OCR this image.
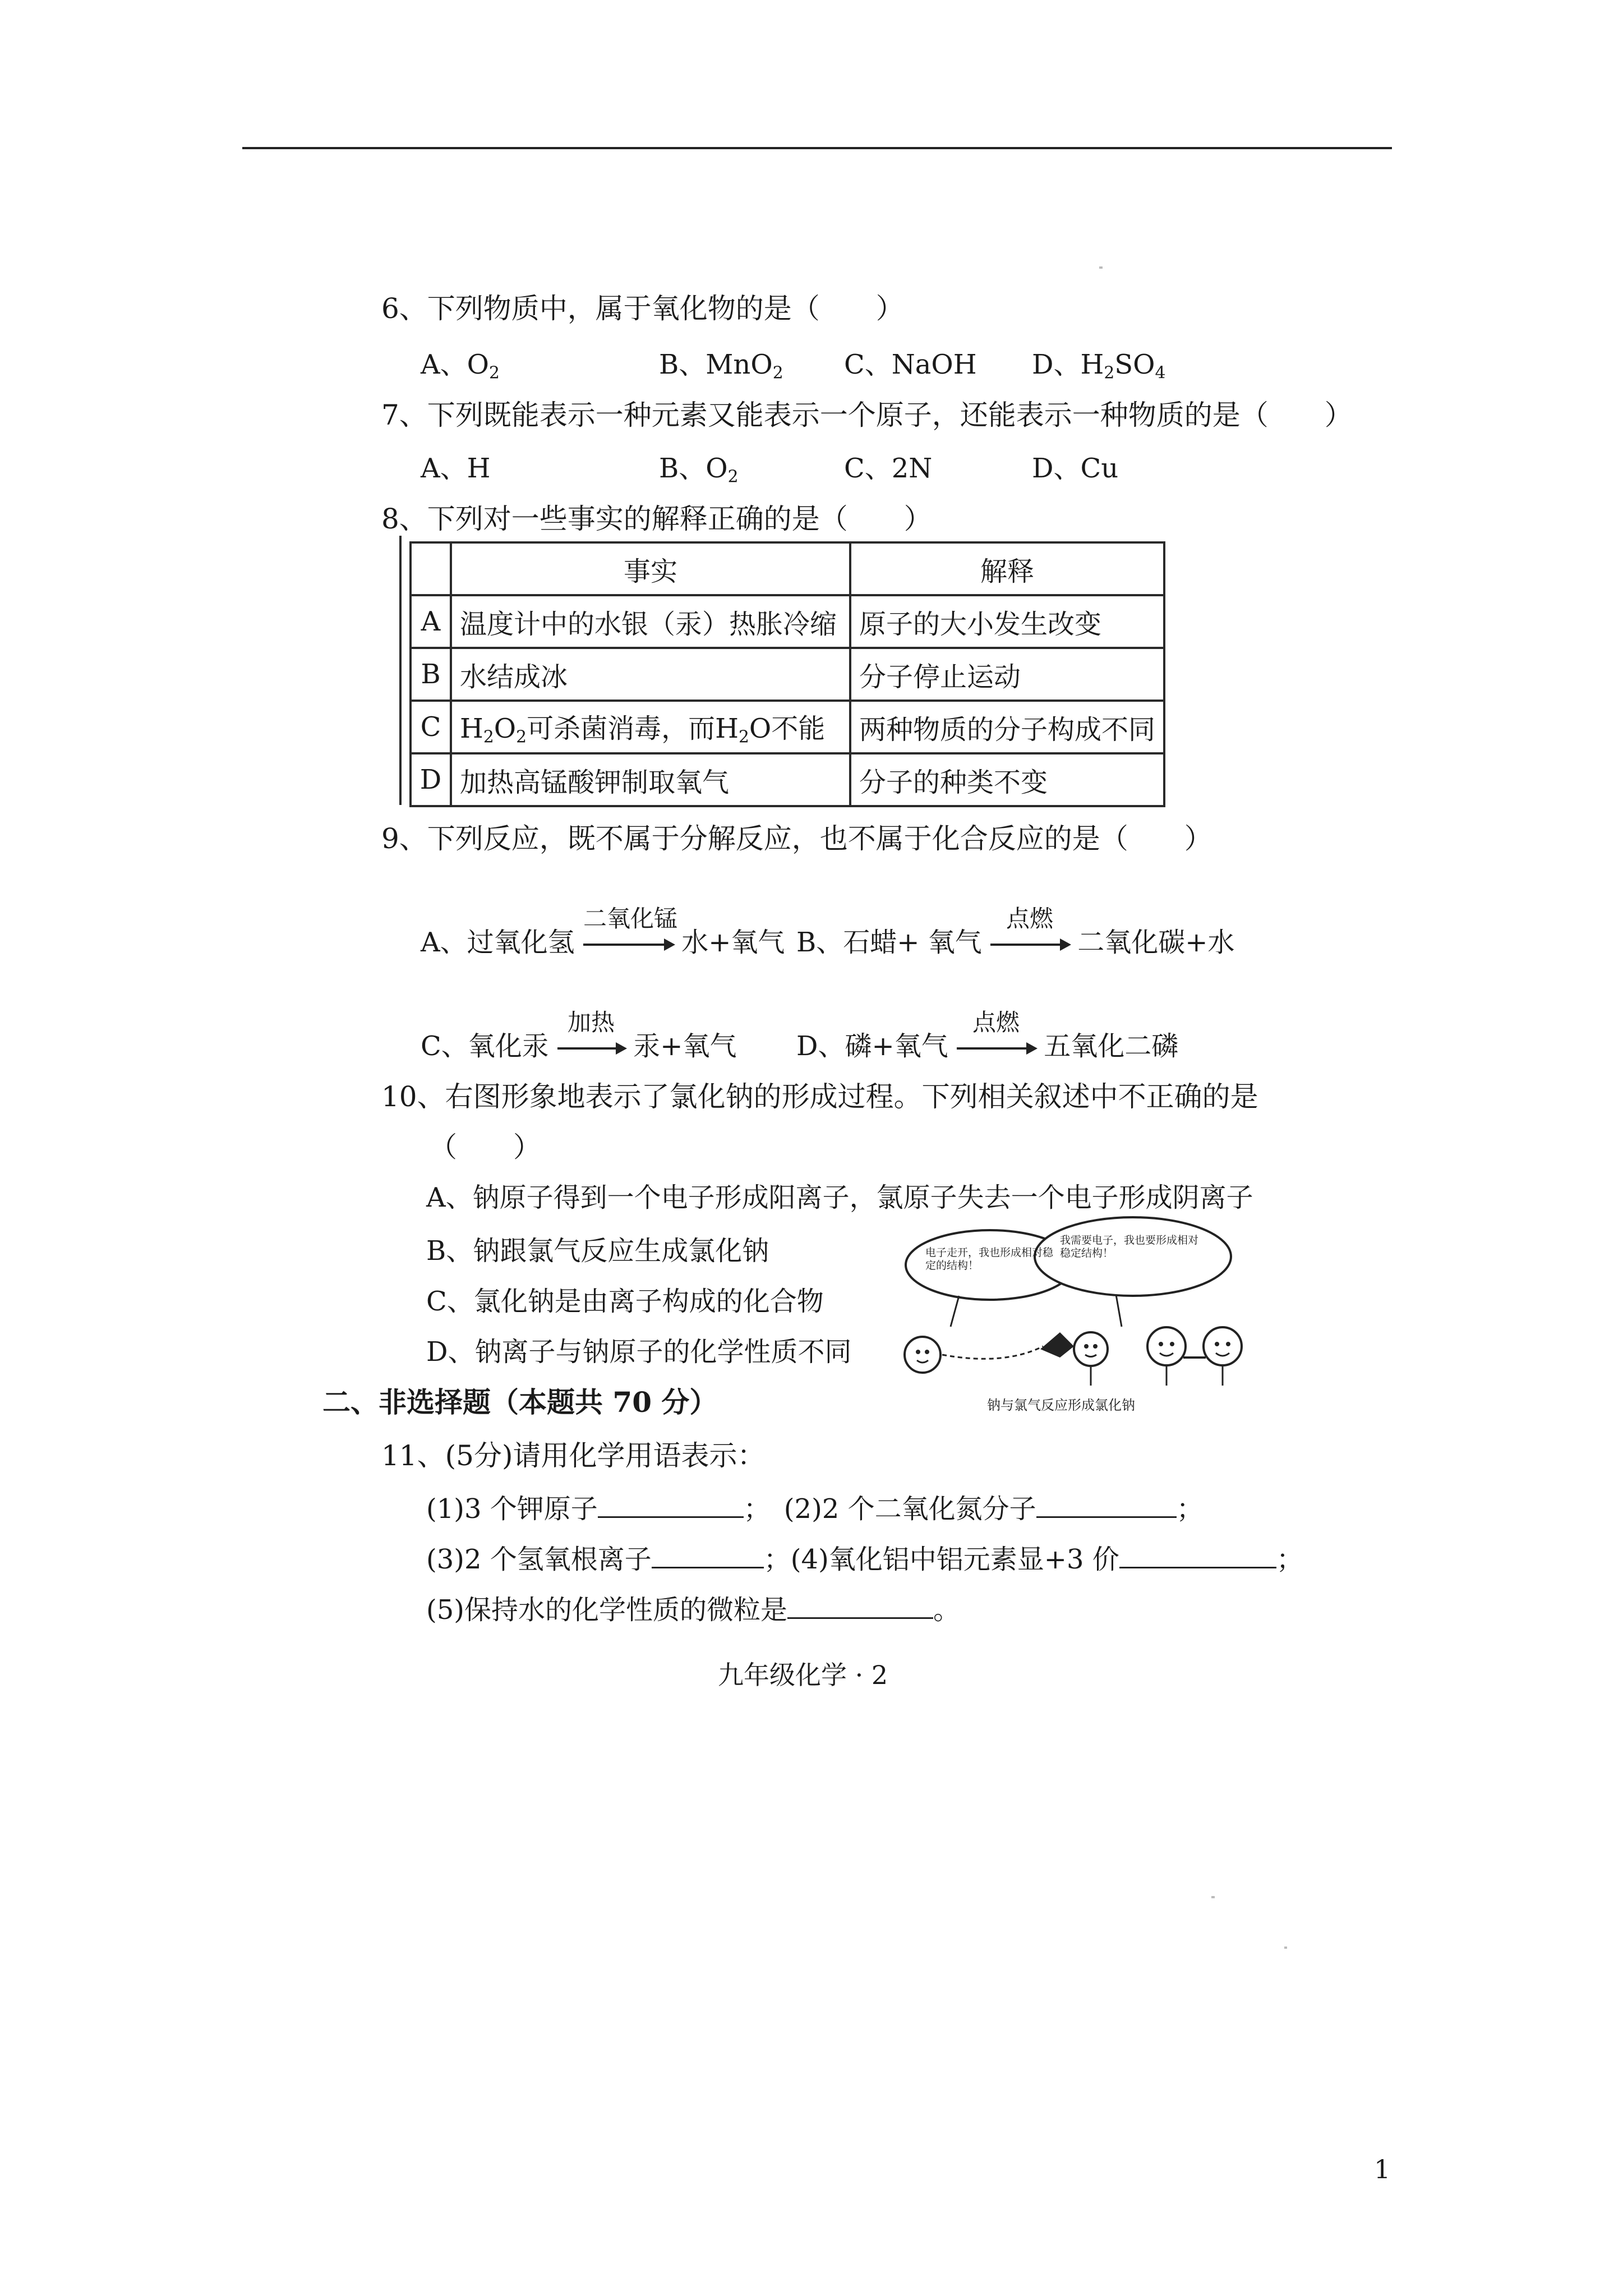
6、下列物质中，属于氧化物的是（　　）
A、$O_2$	B、MnO$_2$ C、NaOH D、$H_2SO_4$
7、下列既能表示一种元素又能表示一个原子，还能表示一种物质的是（　　）
A、H	B、$O_2$	C、2N	D、Cu
8、下列对一些事实的解释正确的是（　　）
	事实	解释
A	温度计中的水银（汞）热胀冷缩	原子的大小发生改变
B	水结成冰	分子停止运动
C	$H_2O_2$可杀菌消毒，而$H_2O$不能	两种物质的分子构成不同
D	加热高锰酸钾制取氧气	分子的种类不变
9、下列反应，既不属于分解反应，也不属于化合反应的是（　　）
A、过氧化氢
二氧化锰
水+氧气 B、石蜡+ 氧气
点燃
二氧化碳+水
C、氧化汞
加热
汞+氧气 D、磷+氧气
点燃
五氧化二磷
10、右图形象地表示了氯化钠的形成过程。下列相关叙述中不正确的是
（　　）
A、钠原子得到一个电子形成阳离子，氯原子失去一个电子形成阴离子
B、钠跟氯气反应生成氯化钠
C、氯化钠是由离子构成的化合物
D、钠离子与钠原子的化学性质不同
电子走开，我也形成相对稳定的结构！
我需要电子，我也要形成相对稳定结构！
钠与氯气反应形成氯化钠
二、非选择题（本题共 70 分）
11、(5分)请用化学用语表示：
(1)3 个钾原子	；　(2)2 个二氧化氮分子	；
(3)2 个氢氧根离子	；(4)氧化铝中铝元素显+3 价	；
(5)保持水的化学性质的微粒是	。
九年级化学 · 2
1
